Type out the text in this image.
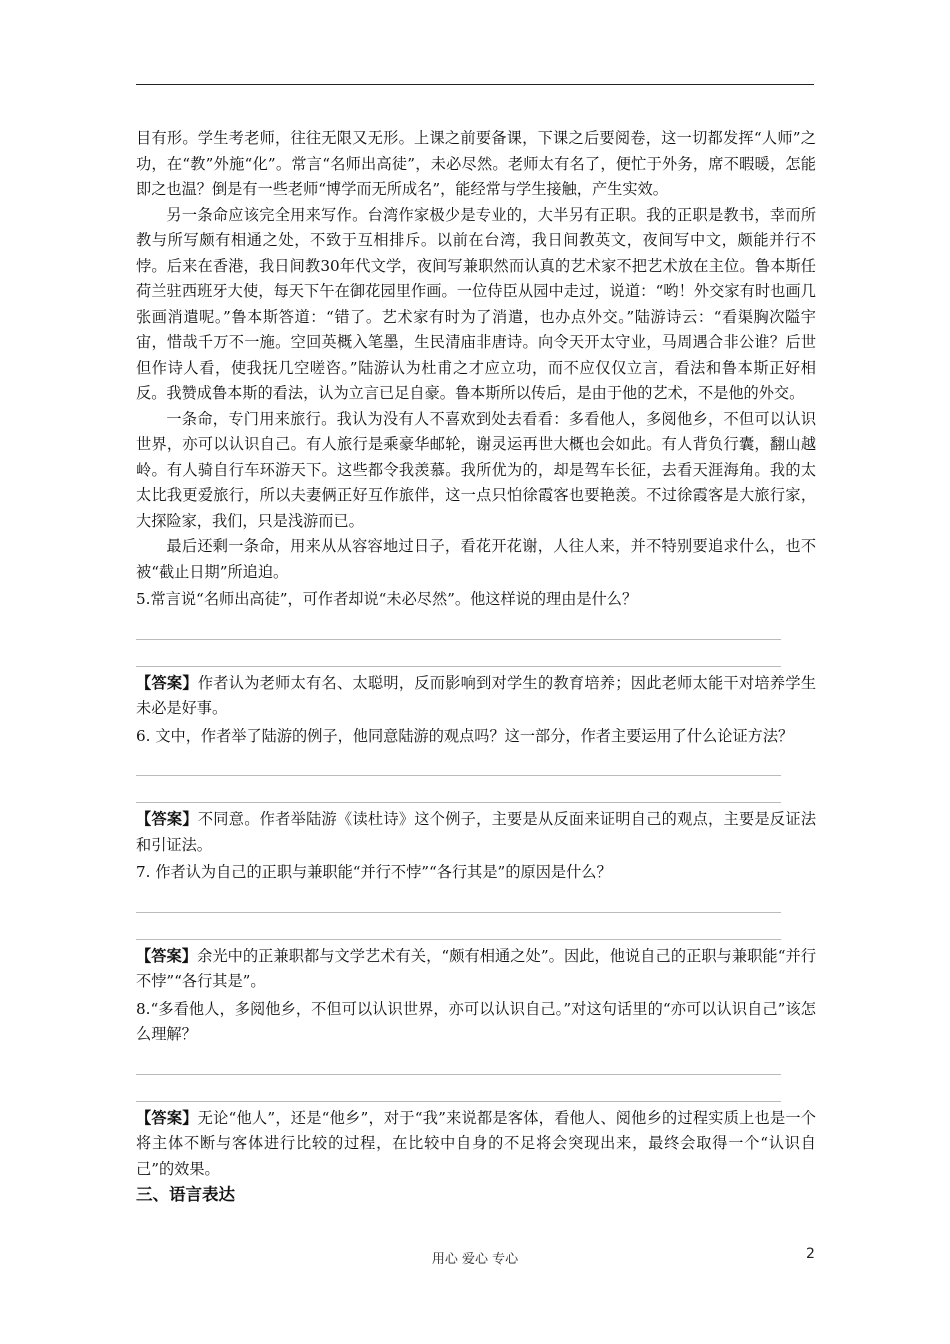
目有形。学生考老师，往往无限又无形。上课之前要备课，下课之后要阅卷，这一切都发挥“人师”之功，在“教”外施“化”。常言“名师出高徒”，未必尽然。老师太有名了，便忙于外务，席不暇暖，怎能即之也温？倒是有一些老师“博学而无所成名”，能经常与学生接触，产生实效。

另一条命应该完全用来写作。台湾作家极少是专业的，大半另有正职。我的正职是教书，幸而所教与所写颇有相通之处，不致于互相排斥。以前在台湾，我日间教英文，夜间写中文，颇能并行不悖。后来在香港，我日间教30年代文学，夜间写兼职然而认真的艺术家不把艺术放在主位。鲁本斯任荷兰驻西班牙大使，每天下午在御花园里作画。一位侍臣从园中走过，说道：“哟！外交家有时也画几张画消遣呢。”鲁本斯答道：“错了。艺术家有时为了消遣，也办点外交。”陆游诗云：“看渠胸次隘宇宙，惜哉千万不一施。空回英概入笔墨，生民清庙非唐诗。向令天开太守业，马周遇合非公谁？后世但作诗人看，使我抚几空嗟咨。”陆游认为杜甫之才应立功，而不应仅仅立言，看法和鲁本斯正好相反。我赞成鲁本斯的看法，认为立言已足自豪。鲁本斯所以传后，是由于他的艺术，不是他的外交。

一条命，专门用来旅行。我认为没有人不喜欢到处去看看：多看他人，多阅他乡，不但可以认识世界，亦可以认识自己。有人旅行是乘豪华邮轮，谢灵运再世大概也会如此。有人背负行囊，翻山越岭。有人骑自行车环游天下。这些都令我羡慕。我所优为的，却是驾车长征，去看天涯海角。我的太太比我更爱旅行，所以夫妻俩正好互作旅伴，这一点只怕徐霞客也要艳羡。不过徐霞客是大旅行家，大探险家，我们，只是浅游而已。

最后还剩一条命，用来从从容容地过日子，看花开花谢，人往人来，并不特别要追求什么，也不被“截止日期”所追迫。

5.常言说“名师出高徒”，可作者却说“未必尽然”。他这样说的理由是什么？

【答案】作者认为老师太有名、太聪明，反而影响到对学生的教育培养；因此老师太能干对培养学生未必是好事。

6. 文中，作者举了陆游的例子，他同意陆游的观点吗？这一部分，作者主要运用了什么论证方法？

【答案】不同意。作者举陆游《读杜诗》这个例子，主要是从反面来证明自己的观点，主要是反证法和引证法。

7. 作者认为自己的正职与兼职能“并行不悖”“各行其是”的原因是什么？

【答案】余光中的正兼职都与文学艺术有关，“颇有相通之处”。因此，他说自己的正职与兼职能“并行不悖”“各行其是”。

8.“多看他人，多阅他乡，不但可以认识世界，亦可以认识自己。”对这句话里的“亦可以认识自己”该怎么理解？

【答案】无论“他人”，还是“他乡”，对于“我”来说都是客体，看他人、阅他乡的过程实质上也是一个将主体不断与客体进行比较的过程，在比较中自身的不足将会突现出来，最终会取得一个“认识自己”的效果。

三、语言表达

用心 爱心 专心	2
